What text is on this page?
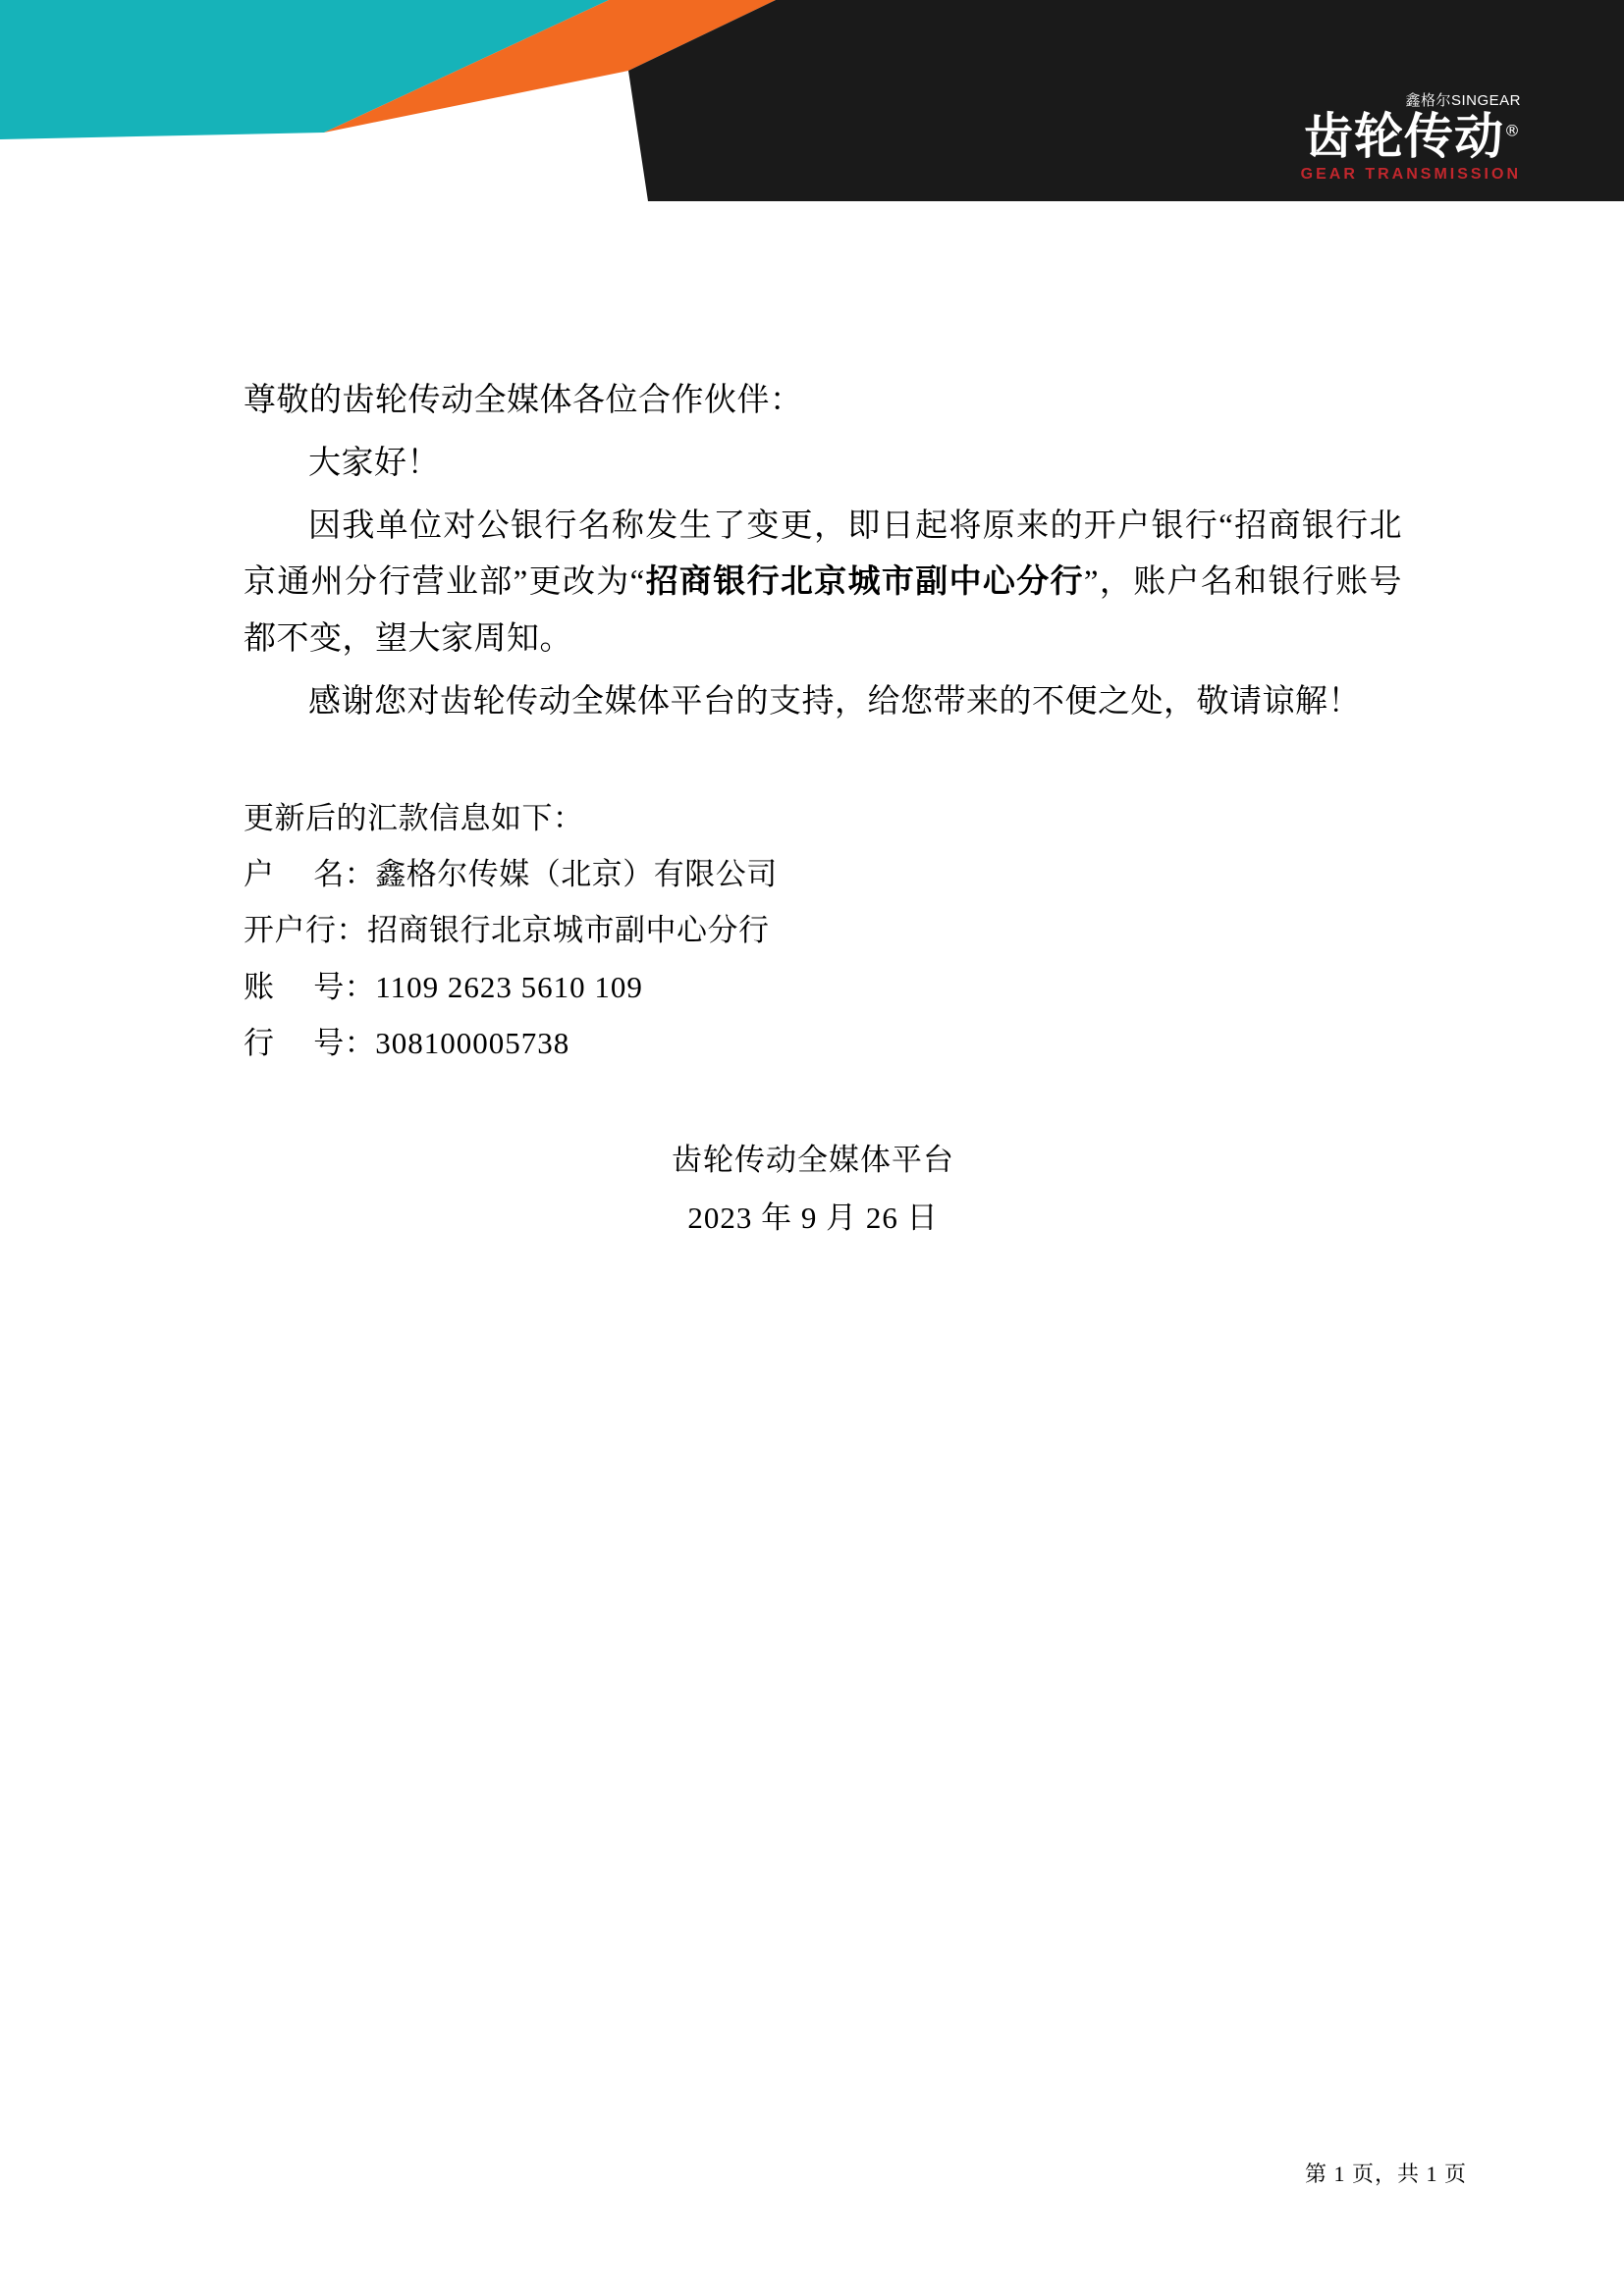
鑫格尔SINGEAR
齿轮传动®
GEAR TRANSMISSION

尊敬的齿轮传动全媒体各位合作伙伴：

大家好！

因我单位对公银行名称发生了变更，即日起将原来的开户银行“招商银行北京通州分行营业部”更改为“招商银行北京城市副中心分行”，账户名和银行账号都不变，望大家周知。

感谢您对齿轮传动全媒体平台的支持，给您带来的不便之处，敬请谅解！

更新后的汇款信息如下：

户　 名：鑫格尔传媒（北京）有限公司

开户行：招商银行北京城市副中心分行

账　 号：1109 2623 5610 109

行　 号：308100005738

齿轮传动全媒体平台
2023 年 9 月 26 日
第 1 页，共 1 页
